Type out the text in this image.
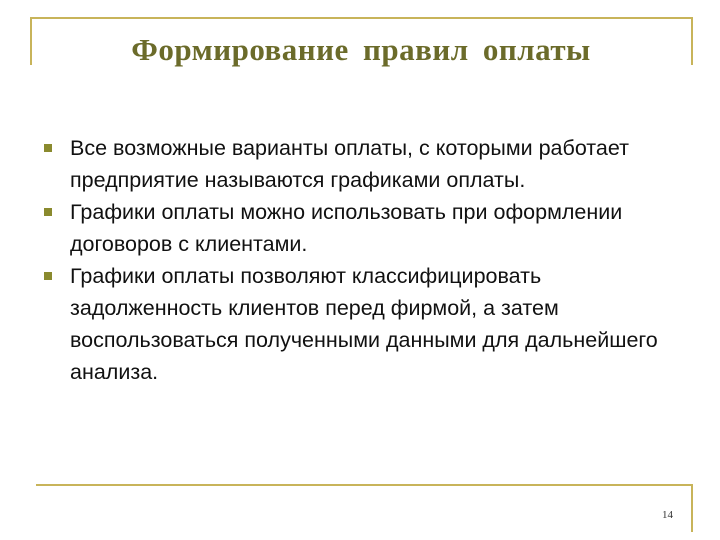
Формирование правил оплаты
Все возможные варианты оплаты, с которыми работает предприятие называются графиками оплаты.
Графики оплаты можно использовать при оформлении договоров с клиентами.
Графики оплаты позволяют классифицировать задолженность клиентов перед фирмой, а затем воспользоваться полученными данными для дальнейшего анализа.
14
